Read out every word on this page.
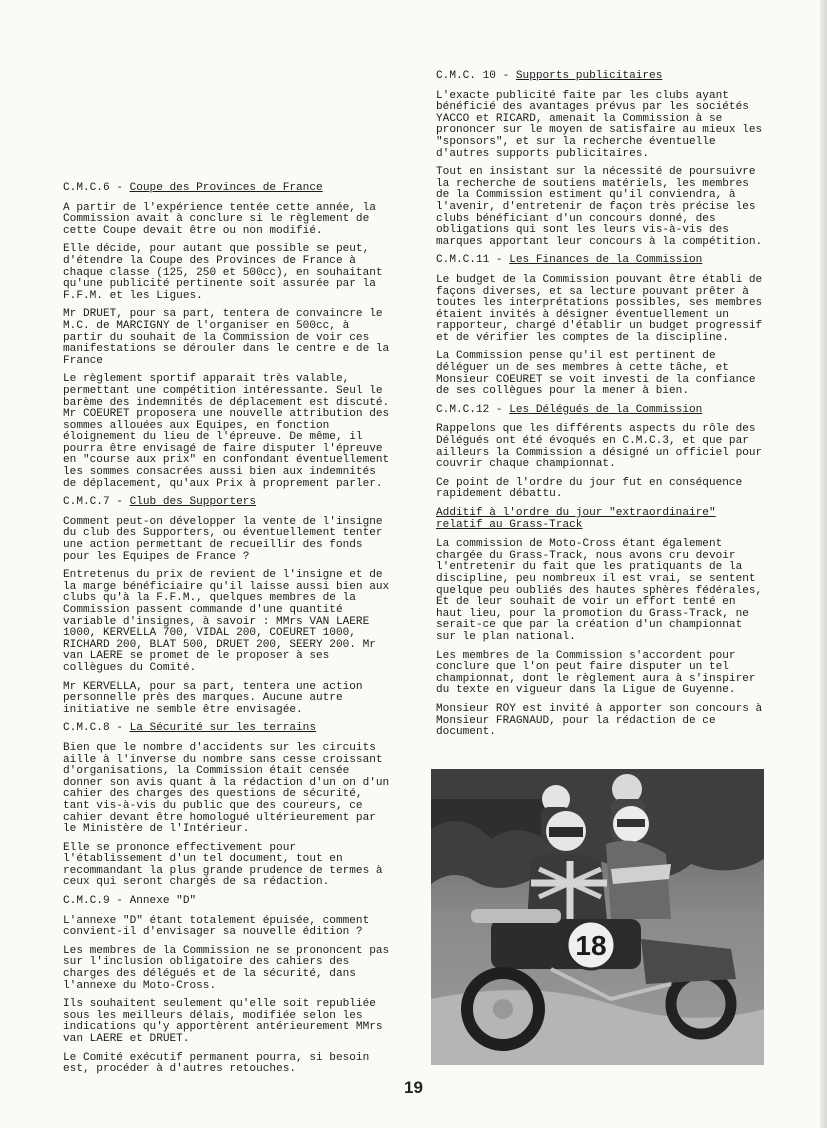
C.M.C.6 - Coupe des Provinces de France

A partir de l'expérience tentée cette année, la Commission avait à conclure si le règlement de cette Coupe devait être ou non modifié.

Elle décide, pour autant que possible se peut, d'étendre la Coupe des Provinces de France à chaque classe (125, 250 et 500cc), en souhaitant qu'une publicité pertinente soit assurée par la F.F.M. et les Ligues.

Mr DRUET, pour sa part, tentera de convaincre le M.C. de MARCIGNY de l'organiser en 500cc, à partir du souhait de la Commission de voir ces manifestations se dérouler dans le centre e de la France

Le règlement sportif apparait très valable, permettant une compétition intéressante. Seul le barème des indemnités de déplacement est discuté. Mr COEURET proposera une nouvelle attribution des sommes allouées aux Equipes, en fonction éloignement du lieu de l'épreuve. De même, il pourra être envisagé de faire disputer l'épreuve en "course aux prix" en confondant éventuellement les sommes consacrées aussi bien aux indemnités de déplacement, qu'aux Prix à proprement parler.

C.M.C.7 - Club des Supporters

Comment peut-on développer la vente de l'insigne du club des Supporters, ou éventuellement tenter une action permettant de recueillir des fonds pour les Equipes de France ?

Entretenus du prix de revient de l'insigne et de la marge bénéficiaire qu'il laisse aussi bien aux clubs qu'à la F.F.M., quelques membres de la Commission passent commande d'une quantité variable d'insignes, à savoir : MMrs VAN LAERE 1000, KERVELLA 700, VIDAL 200, COEURET 1000, RICHARD 200, BLAT 500, DRUET 200, SEERY 200. Mr van LAERE se promet de le proposer à ses collègues du Comité.

Mr KERVELLA, pour sa part, tentera une action personnelle près des marques. Aucune autre initiative ne semble être envisagée.

C.M.C.8 - La Sécurité sur les terrains

Bien que le nombre d'accidents sur les circuits aille à l'inverse du nombre sans cesse croissant d'organisations, la Commission était censée donner son avis quant à la rédaction d'un on d'un cahier des charges des questions de sécurité, tant vis-à-vis du public que des coureurs, ce cahier devant être homologué ultérieurement par le Ministère de l'Intérieur.

Elle se prononce effectivement pour l'établissement d'un tel document, tout en recommandant la plus grande prudence de termes à ceux qui seront chargés de sa rédaction.

C.M.C.9 - Annexe "D"

L'annexe "D" étant totalement épuisée, comment convient-il d'envisager sa nouvelle édition ?

Les membres de la Commission ne se prononcent pas sur l'inclusion obligatoire des cahiers des charges des délégués et de la sécurité, dans l'annexe du Moto-Cross.

Ils souhaitent seulement qu'elle soit republiée sous les meilleurs délais, modifiée selon les indications qu'y apportèrent antérieurement MMrs van LAERE et DRUET.

Le Comité exécutif permanent pourra, si besoin est, procéder à d'autres retouches.

C.M.C. 10 - Supports publicitaires

L'exacte publicité faite par les clubs ayant bénéficié des avantages prévus par les sociétés YACCO et RICARD, amenait la Commission à se prononcer sur le moyen de satisfaire au mieux les "sponsors", et sur la recherche éventuelle d'autres supports publicitaires.

Tout en insistant sur la nécessité de poursuivre la recherche de soutiens matériels, les membres de la Commission estiment qu'il conviendra, à l'avenir, d'entretenir de façon très précise les clubs bénéficiant d'un concours donné, des obligations qui sont les leurs vis-à-vis des marques apportant leur concours à la compétition.

C.M.C.11 - Les Finances de la Commission

Le budget de la Commission pouvant être établi de façons diverses, et sa lecture pouvant prêter à toutes les interprétations possibles, ses membres étaient invités à désigner éventuellement un rapporteur, chargé d'établir un budget progressif et de vérifier les comptes de la discipline.

La Commission pense qu'il est pertinent de déléguer un de ses membres à cette tâche, et Monsieur COEURET se voit investi de la confiance de ses collègues pour la mener à bien.

C.M.C.12 - Les Délégués de la Commission

Rappelons que les différents aspects du rôle des Délégués ont été évoqués en C.M.C.3, et que par ailleurs la Commission a désigné un officiel pour couvrir chaque championnat.

Ce point de l'ordre du jour fut en conséquence rapidement débattu.

Additif à l'ordre du jour "extraordinaire" relatif au Grass-Track

La commission de Moto-Cross étant également chargée du Grass-Track, nous avons cru devoir l'entretenir du fait que les pratiquants de la discipline, peu nombreux il est vrai, se sentent quelque peu oubliés des hautes sphères fédérales, Et de leur souhait de voir un effort tenté en haut lieu, pour la promotion du Grass-Track, ne serait-ce que par la création d'un championnat sur le plan national.

Les membres de la Commission s'accordent pour conclure que l'on peut faire disputer un tel championnat, dont le règlement aura à s'inspirer du texte en vigueur dans la Ligue de Guyenne.

Monsieur ROY est invité à apporter son concours à Monsieur FRAGNAUD, pour la rédaction de ce document.

18
19
